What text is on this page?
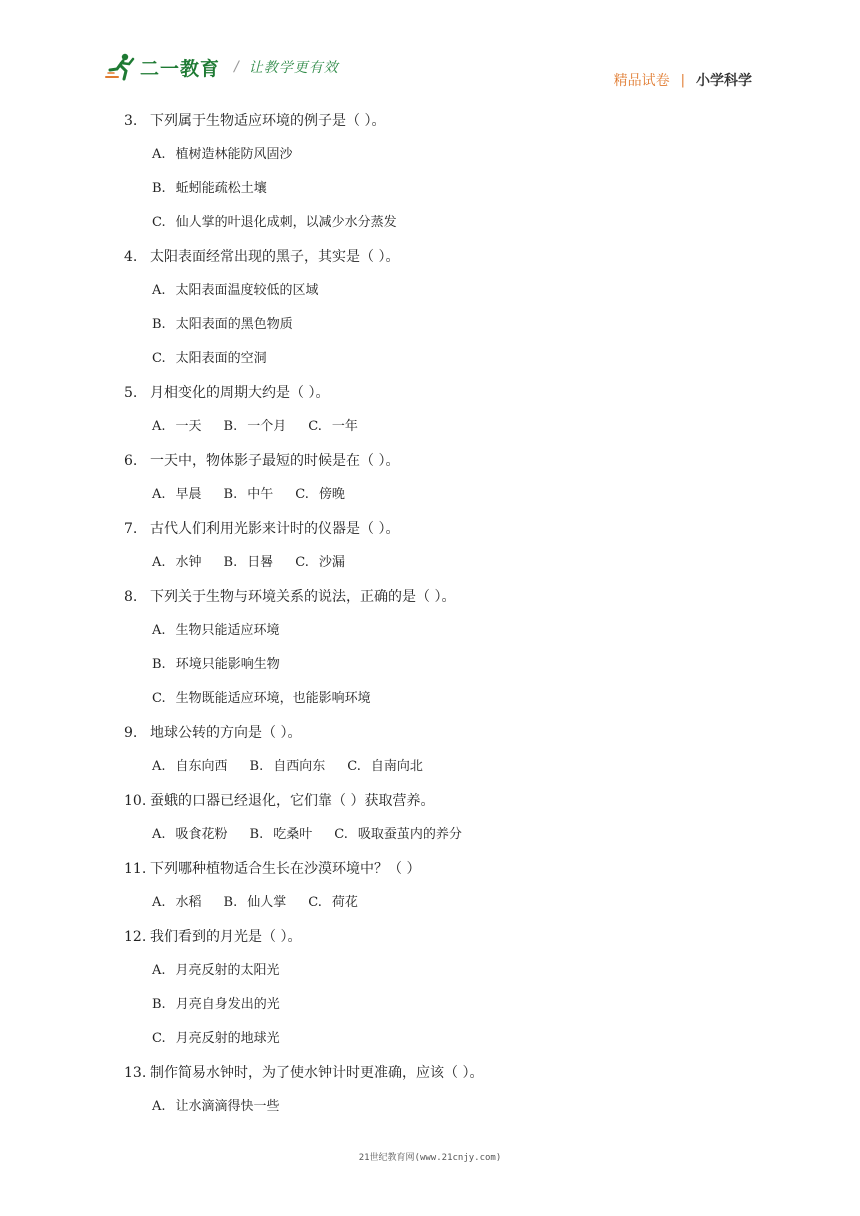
二一教育 / 让教学更有效
精品试卷 | 小学科学
3. 下列属于生物适应环境的例子是（ ）。
A. 植树造林能防风固沙
B. 蚯蚓能疏松土壤
C. 仙人掌的叶退化成刺，以减少水分蒸发
4. 太阳表面经常出现的黑子，其实是（ ）。
A. 太阳表面温度较低的区域
B. 太阳表面的黑色物质
C. 太阳表面的空洞
5. 月相变化的周期大约是（ ）。
A. 一天 B. 一个月 C. 一年
6. 一天中，物体影子最短的时候是在（ ）。
A. 早晨 B. 中午 C. 傍晚
7. 古代人们利用光影来计时的仪器是（ ）。
A. 水钟 B. 日晷 C. 沙漏
8. 下列关于生物与环境关系的说法，正确的是（ ）。
A. 生物只能适应环境
B. 环境只能影响生物
C. 生物既能适应环境，也能影响环境
9. 地球公转的方向是（ ）。
A. 自东向西 B. 自西向东 C. 自南向北
10. 蚕蛾的口器已经退化，它们靠（ ）获取营养。
A. 吸食花粉 B. 吃桑叶 C. 吸取蚕茧内的养分
11. 下列哪种植物适合生长在沙漠环境中？（ ）
A. 水稻 B. 仙人掌 C. 荷花
12. 我们看到的月光是（ ）。
A. 月亮反射的太阳光
B. 月亮自身发出的光
C. 月亮反射的地球光
13. 制作简易水钟时，为了使水钟计时更准确，应该（ ）。
A. 让水滴滴得快一些
21世纪教育网(www.21cnjy.com)
